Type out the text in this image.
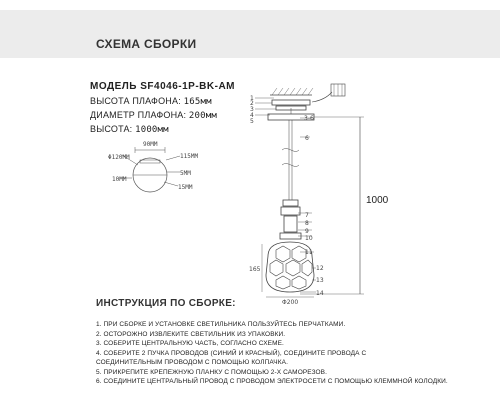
СХЕМА СБОРКИ
МОДЕЛЬ SF4046-1P-BK-AM
ВЫСОТА ПЛАФОНА: 165мм
ДИАМЕТР ПЛАФОНА: 200мм
ВЫСОТА: 1000мм
Φ120MM
90MM
115MM
5MM
15MM
10MM
1
2
3
4
5	3-6
6
7
8
9
10
11
12
13
14
1000
165
Φ200
ИНСТРУКЦИЯ ПО СБОРКЕ:
1. ПРИ СБОРКЕ И УСТАНОВКЕ СВЕТИЛЬНИКА ПОЛЬЗУЙТЕСЬ ПЕРЧАТКАМИ.
2. ОСТОРОЖНО ИЗВЛЕКИТЕ СВЕТИЛЬНИК ИЗ УПАКОВКИ.
3. СОБЕРИТЕ ЦЕНТРАЛЬНУЮ ЧАСТЬ, СОГЛАСНО СХЕМЕ.
4. СОБЕРИТЕ 2 ПУЧКА ПРОВОДОВ (СИНИЙ И КРАСНЫЙ), СОЕДИНИТЕ ПРОВОДА С СОЕДИНИТЕЛЬНЫМ ПРОВОДОМ С ПОМОЩЬЮ КОЛПАЧКА.
5. ПРИКРЕПИТЕ КРЕПЕЖНУЮ ПЛАНКУ С ПОМОЩЬЮ 2-Х САМОРЕЗОВ.
6. СОЕДИНИТЕ ЦЕНТРАЛЬНЫЙ ПРОВОД С ПРОВОДОМ ЭЛЕКТРОСЕТИ С ПОМОЩЬЮ КЛЕММНОЙ КОЛОДКИ.
